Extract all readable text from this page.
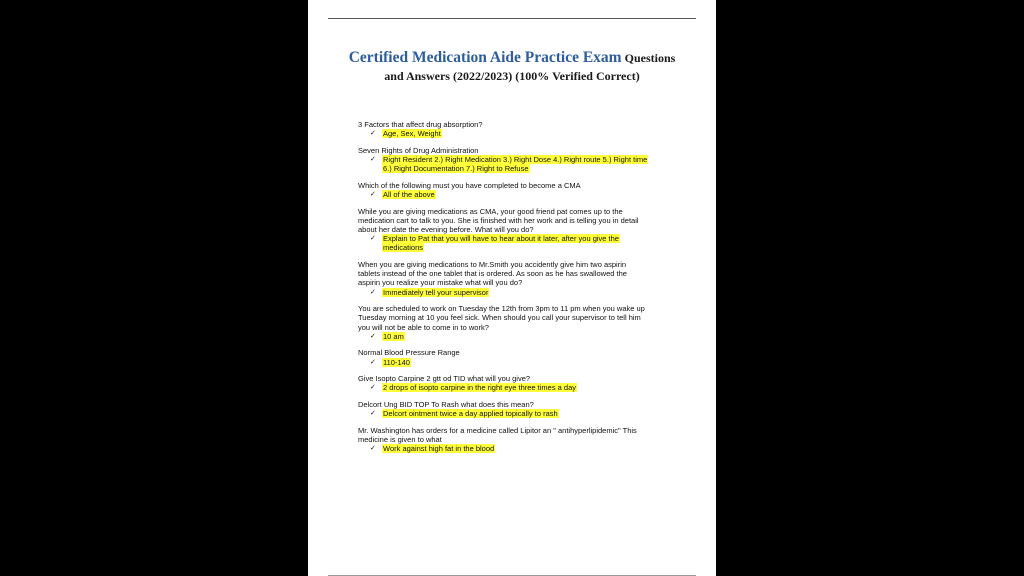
Certified Medication Aide Practice Exam Questions
and Answers (2022/2023) (100% Verified Correct)
3 Factors that affect drug absorption?
✓ Age, Sex, Weight
Seven Rights of Drug Administration
✓ Right Resident 2.) Right Medication 3.) Right Dose 4.) Right route 5.) Right time
6.) Right Documentation 7.) Right to Refuse
Which of the following must you have completed to become a CMA
✓ All of the above
While you are giving medications as CMA, your good friend pat comes up to the
medication cart to talk to you. She is finished with her work and is telling you in detail
about her date the evening before. What will you do?
✓ Explain to Pat that you will have to hear about it later, after you give the
medications
When you are giving medications to Mr.Smith you accidently give him two aspirin
tablets instead of the one tablet that is ordered. As soon as he has swallowed the
aspirin you realize your mistake what will you do?
✓ Immediately tell your supervisor
You are scheduled to work on Tuesday the 12th from 3pm to 11 pm when you wake up
Tuesday morning at 10 you feel sick. When should you call your supervisor to tell him
you will not be able to come in to work?
✓ 10 am
Normal Blood Pressure Range
✓ 110-140
Give Isopto Carpine 2 gtt od TID what will you give?
✓ 2 drops of isopto carpine in the right eye three times a day
Delcort Ung BID TOP To Rash what does this mean?
✓ Delcort ointment twice a day applied topically to rash
Mr. Washington has orders for a medicine called Lipitor an " antihyperlipidemic" This
medicine is given to what
✓ Work against high fat in the blood
